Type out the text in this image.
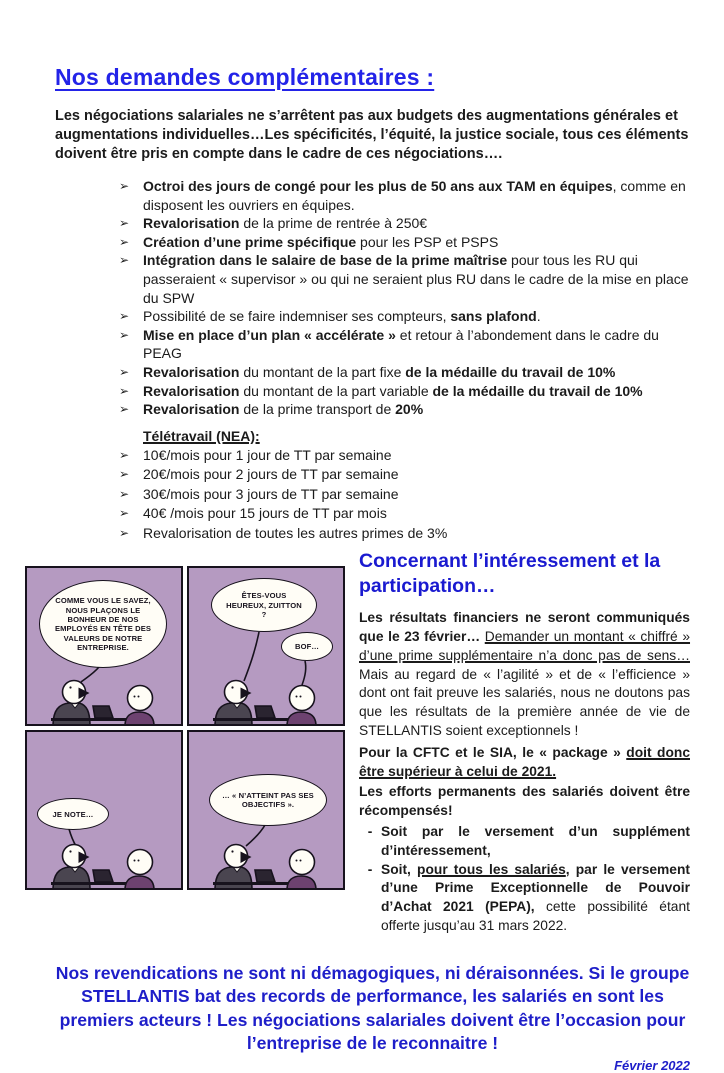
Nos demandes complémentaires :

Les négociations salariales ne s’arrêtent pas aux budgets des augmentations générales et augmentations individuelles…Les spécificités, l’équité, la justice sociale, tous ces éléments doivent être pris en compte dans le cadre de ces négociations….

➢ Octroi des jours de congé pour les plus de 50 ans aux TAM en équipes, comme en disposent les ouvriers en équipes.
➢ Revalorisation de la prime de rentrée à 250€
➢ Création d’une prime spécifique pour les PSP et PSPS
➢ Intégration dans le salaire de base de la prime maîtrise pour tous les RU qui passeraient « supervisor » ou qui ne seraient plus RU dans le cadre de la mise en place du SPW
➢ Possibilité de se faire indemniser ses compteurs, sans plafond.
➢ Mise en place d’un plan « accélérate » et retour à l’abondement dans le cadre du PEAG
➢ Revalorisation du montant de la part fixe de la médaille du travail de 10%
➢ Revalorisation du montant de la part variable de la médaille du travail de 10%
➢ Revalorisation de la prime transport de 20%
Télétravail (NEA):
➢ 10€/mois pour 1 jour de TT par semaine
➢ 20€/mois pour 2 jours de TT par semaine
➢ 30€/mois pour 3 jours de TT par semaine
➢ 40€ /mois pour 15 jours de TT par mois
➢ Revalorisation de toutes les autres primes de 3%
COMME VOUS LE SAVEZ, NOUS PLAÇONS LE BONHEUR DE NOS EMPLOYÉS EN TÊTE DES VALEURS DE NOTRE ENTREPRISE.
ÊTES-VOUS HEUREUX, ZUITTON ?
BOF…
JE NOTE…
… « N’ATTEINT PAS SES OBJECTIFS ».
Concernant l’intéressement et la participation…

Les résultats financiers ne seront communiqués que le 23 février… Demander un montant « chiffré » d’une prime supplémentaire n’a donc pas de sens… Mais au regard de « l’agilité » et de « l’efficience » dont ont fait preuve les salariés, nous ne doutons pas que les résultats de la première année de vie de STELLANTIS soient exceptionnels !

Pour la CFTC et le SIA, le « package » doit donc être supérieur à celui de 2021.

Les efforts permanents des salariés doivent être récompensés!

- Soit par le versement d’un supplément d’intéressement,
- Soit, pour tous les salariés, par le versement d’une Prime Exceptionnelle de Pouvoir d’Achat 2021 (PEPA), cette possibilité étant offerte jusqu’au 31 mars 2022.

Nos revendications ne sont ni démagogiques, ni déraisonnées. Si le groupe STELLANTIS bat des records de performance, les salariés en sont les premiers acteurs ! Les négociations salariales doivent être l’occasion pour l’entreprise de le reconnaitre !

Février 2022
